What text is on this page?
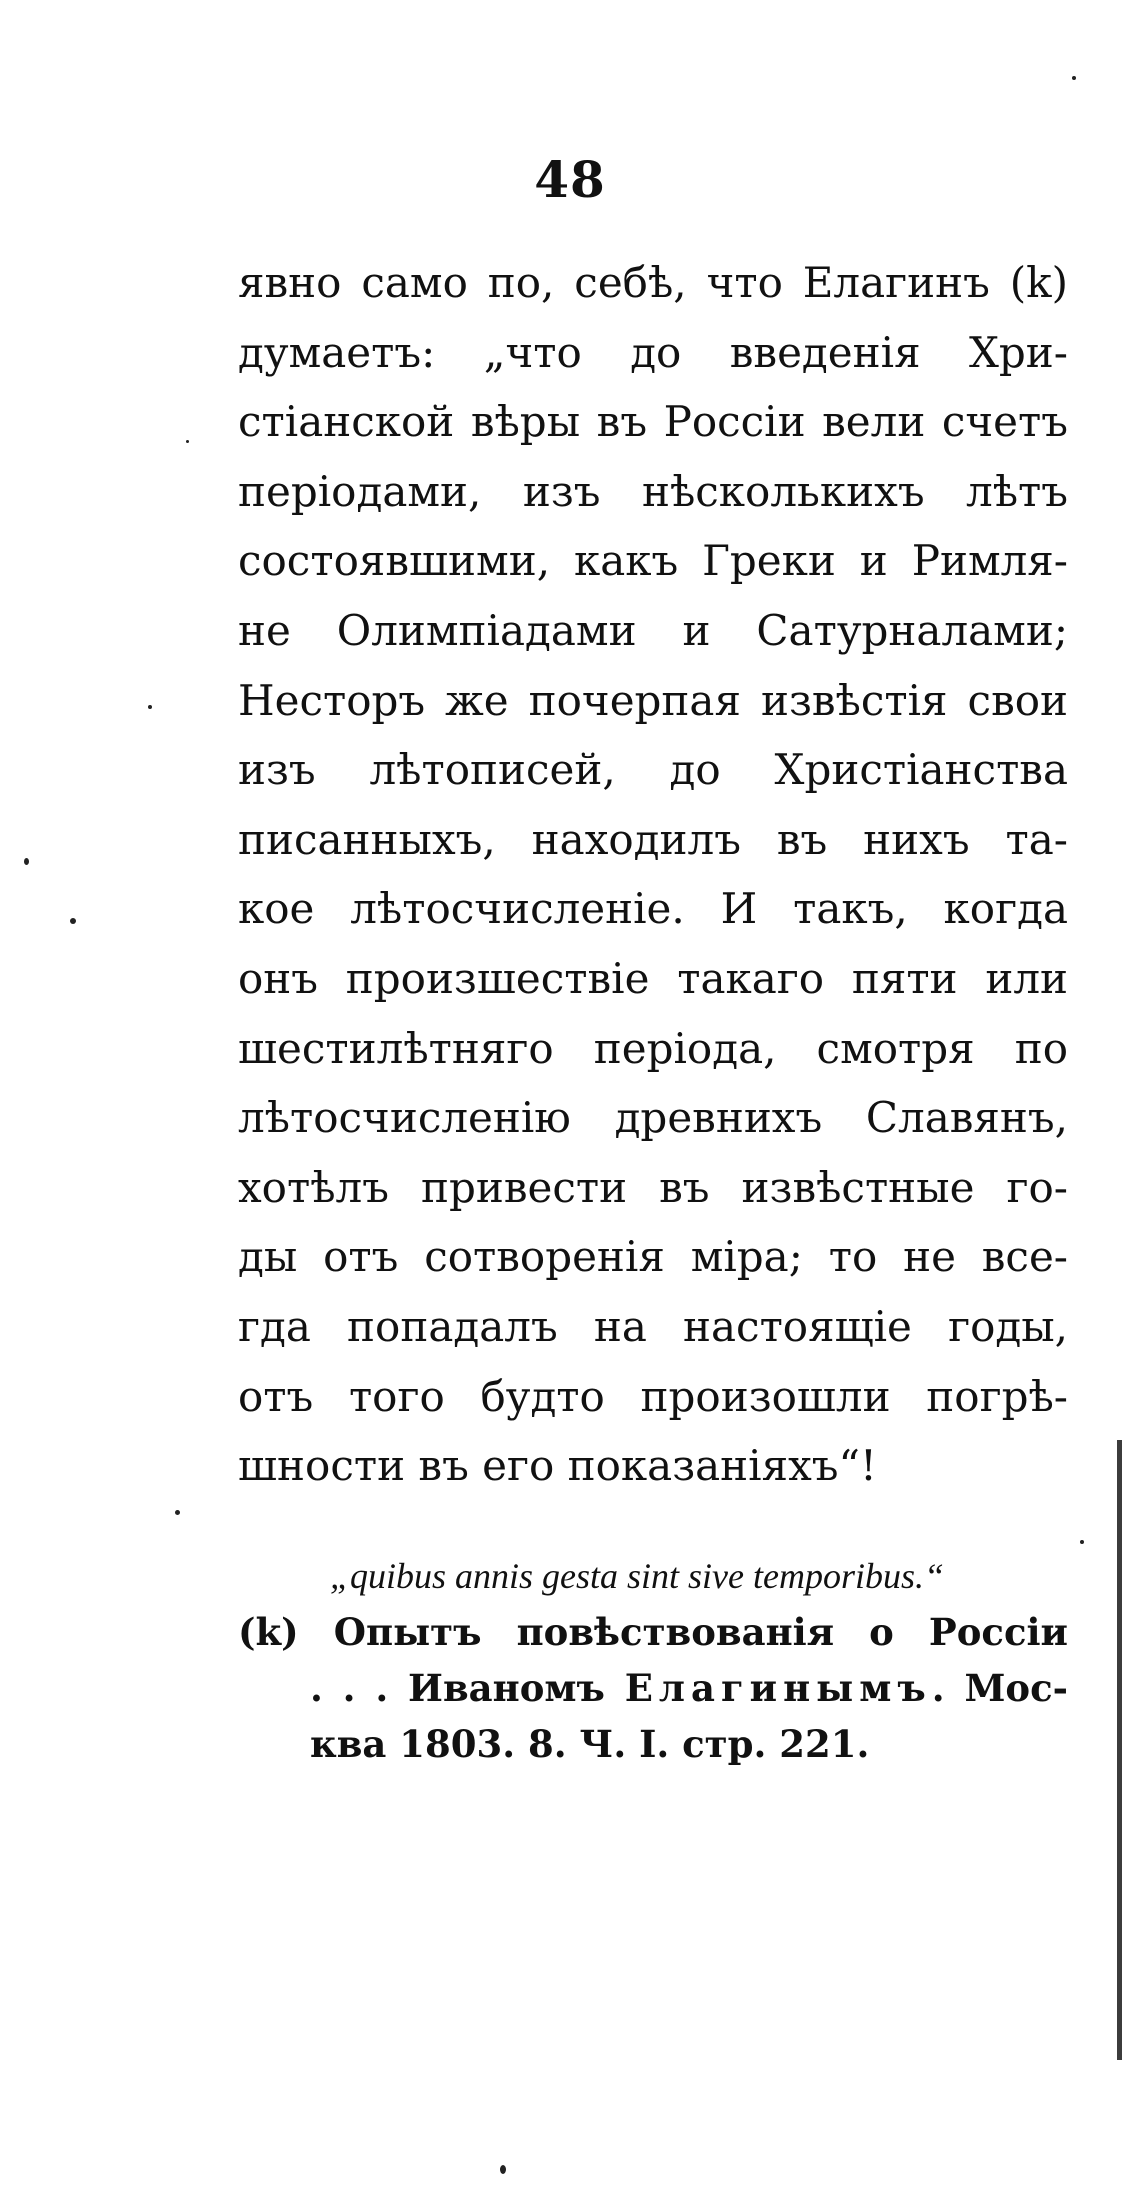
48
явно само по, себѣ, что Елагинъ (k)
думаетъ: „что до введенія Хри-
стіанской вѣры въ Россіи вели счетъ
періодами, изъ нѣсколькихъ лѣтъ
состоявшими, какъ Греки и Римля-
не Олимпіадами и Сатурналами;
Несторъ же почерпая извѣстія свои
изъ лѣтописей, до Христіанства
писанныхъ, находилъ въ нихъ та-
кое лѣтосчисленіе. И такъ, когда
онъ произшествіе такаго пяти или
шестилѣтняго періода, смотря по
лѣтосчисленію древнихъ Славянъ,
хотѣлъ привести въ извѣстные го-
ды отъ сотворенія міра; то не все-
гда попадалъ на настоящіе годы,
отъ того будто произошли погрѣ-
шности въ его показаніяхъ“!
„quibus annis gesta sint sive temporibus.“
(k) Опытъ повѣствованія о Россіи
. . . Иваномъ Елагинымъ. Мос-
ква 1803. 8. Ч. I. стр. 221.
